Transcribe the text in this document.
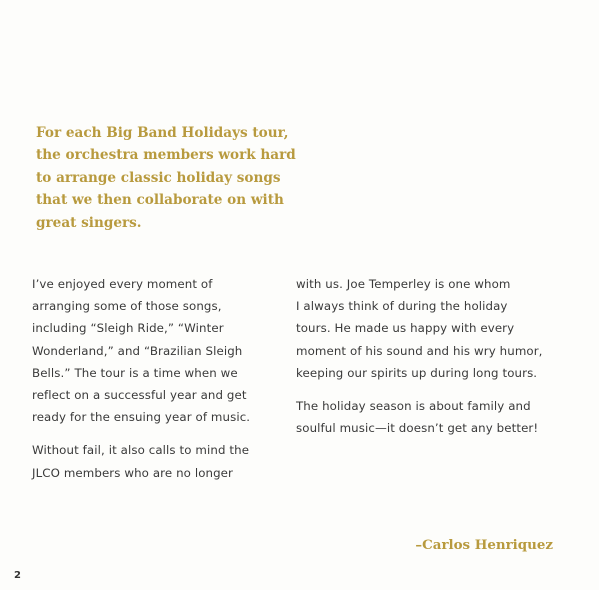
For each Big Band Holidays tour,
the orchestra members work hard
to arrange classic holiday songs
that we then collaborate on with
great singers.

I’ve enjoyed every moment of
arranging some of those songs,
including “Sleigh Ride,” “Winter
Wonderland,” and “Brazilian Sleigh
Bells.” The tour is a time when we
reflect on a successful year and get
ready for the ensuing year of music.

Without fail, it also calls to mind the
JLCO members who are no longer

with us. Joe Temperley is one whom
I always think of during the holiday
tours. He made us happy with every
moment of his sound and his wry humor,
keeping our spirits up during long tours.

The holiday season is about family and
soulful music—it doesn’t get any better!

–Carlos Henriquez
2
